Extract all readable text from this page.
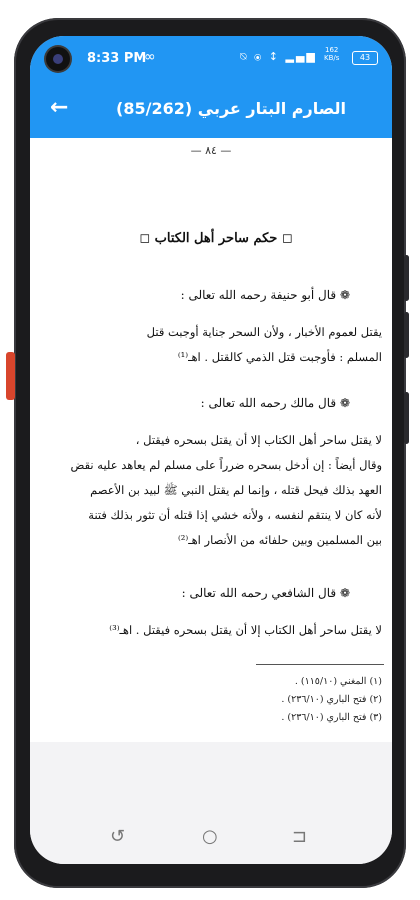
8:33 PM
∞	⍉ ⦿ ↕ ▂▄▆ 162
KB/s	43
←	الصارم البتار عربي (85/262)
— ٨٤ —
◻ حكم ساحر أهل الكتاب ◻
❁ قال أبو حنيفة رحمه الله تعالى :
يقتل لعموم الأخبار ، ولأن السحر جناية أوجبت قتل
المسلم : فأوجبت قتل الذمي كالقتل . اهـ⁽¹⁾
❁ قال مالك رحمه الله تعالى :
لا يقتل ساحر أهل الكتاب إلا أن يقتل بسحره فيقتل ،
وقال أيضاً : إن أدخل بسحره ضرراً على مسلم لم يعاهد عليه نقض
العهد بذلك فيحل قتله ، وإنما لم يقتل النبي ﷺ لبيد بن الأعصم
لأنه كان لا ينتقم لنفسه ، ولأنه خشي إذا قتله أن تثور بذلك فتنة
بين المسلمين وبين حلفائه من الأنصار اهـ⁽²⁾
❁ قال الشافعي رحمه الله تعالى :
لا يقتل ساحر أهل الكتاب إلا أن يقتل بسحره فيقتل . اهـ⁽³⁾
(١) المغني (١١٥/١٠) .
(٢) فتح الباري (٢٣٦/١٠) .
(٣) فتح الباري (٢٣٦/١٠) .
↺	○	⊐
